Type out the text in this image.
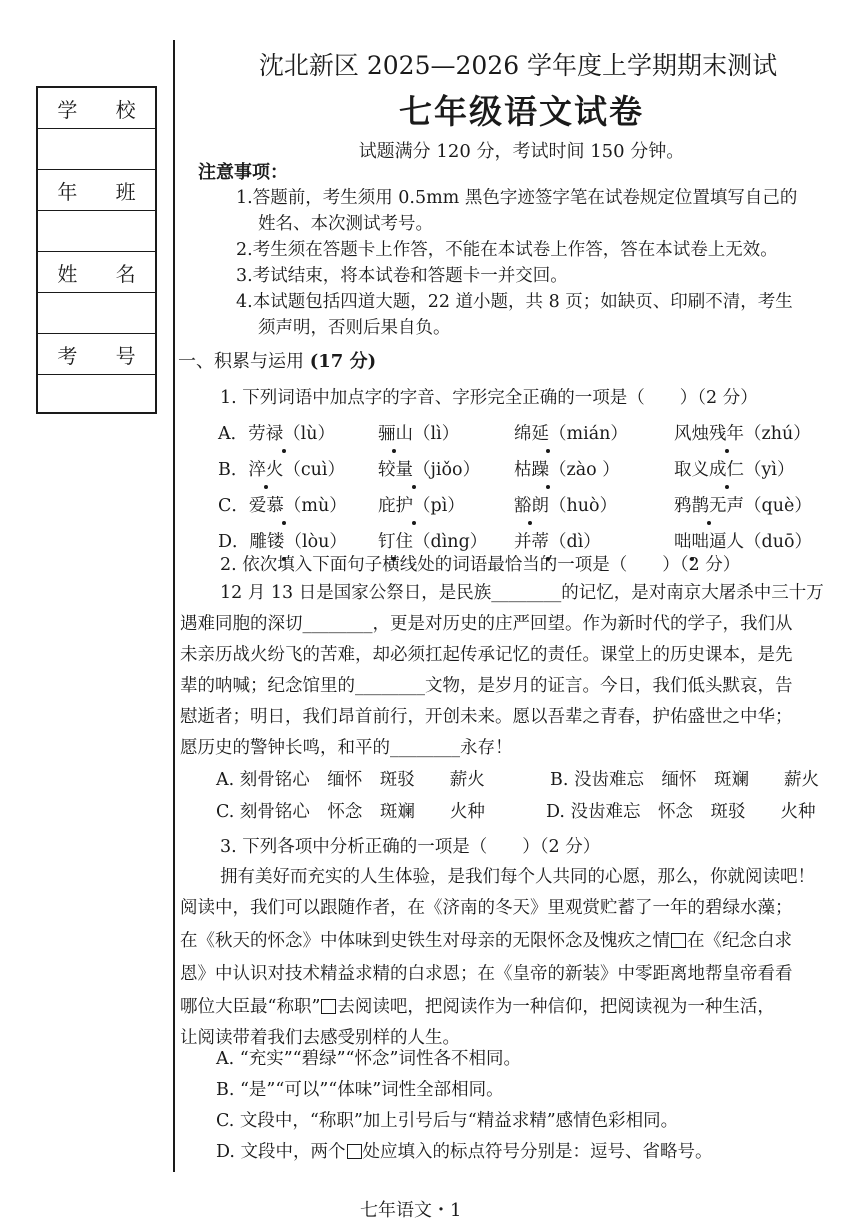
学 校
年 班
姓 名
考 号
沈北新区 2025—2026 学年度上学期期末测试
七年级语文试卷
试题满分 120 分，考试时间 150 分钟。
注意事项：
1.答题前，考生须用 0.5mm 黑色字迹签字笔在试卷规定位置填写自己的
姓名、本次测试考号。
2.考生须在答题卡上作答，不能在本试卷上作答，答在本试卷上无效。
3.考试结束，将本试卷和答题卡一并交回。
4.本试题包括四道大题，22 道小题，共 8 页；如缺页、印刷不清，考生
须声明，否则后果自负。
一、积累与运用 (17 分)
1. 下列词语中加点字的字音、字形完全正确的一项是（　　）（2 分）
A．劳禄（lù） 骊山（lì）	绵延（mián）	风烛残年（zhú）
B．淬火（cuì） 较量（jiǒo） 枯躁（zào ）	取义成仁（yì）
C．爱慕（mù） 庇护（pì）	豁朗（huò）	鸦鹊无声（què）
D．雕镂（lòu） 钉住（dìng） 并蒂（dì）	咄咄逼人（duō）
2. 依次填入下面句子横线处的词语最恰当的一项是（　　）（2 分）
12 月 13 日是国家公祭日，是民族________的记忆，是对南京大屠杀中三十万
遇难同胞的深切________，更是对历史的庄严回望。作为新时代的学子，我们从
未亲历战火纷飞的苦难，却必须扛起传承记忆的责任。课堂上的历史课本，是先
辈的呐喊；纪念馆里的________文物，是岁月的证言。今日，我们低头默哀，告
慰逝者；明日，我们昂首前行，开创未来。愿以吾辈之青春，护佑盛世之中华；
愿历史的警钟长鸣，和平的________永存！
A. 刻骨铭心　缅怀　斑驳　　薪火	B. 没齿难忘　缅怀　斑斓　　薪火
C. 刻骨铭心　怀念　斑斓　　火种	D. 没齿难忘　怀念　斑驳　　火种
3. 下列各项中分析正确的一项是（　　）（2 分）
拥有美好而充实的人生体验，是我们每个人共同的心愿，那么，你就阅读吧！
阅读中，我们可以跟随作者，在《济南的冬天》里观赏贮蓄了一年的碧绿水藻；
在《秋天的怀念》中体味到史铁生对母亲的无限怀念及愧疚之情 在《纪念白求
恩》中认识对技术精益求精的白求恩；在《皇帝的新装》中零距离地帮皇帝看看
哪位大臣最“称职” 去阅读吧，把阅读作为一种信仰，把阅读视为一种生活，
让阅读带着我们去感受别样的人生。
A. “充实”“碧绿”“怀念”词性各不相同。
B. “是”“可以”“体味”词性全部相同。
C. 文段中，“称职”加上引号后与“精益求精”感情色彩相同。
D. 文段中，两个 处应填入的标点符号分别是：逗号、省略号。
七年语文・1
